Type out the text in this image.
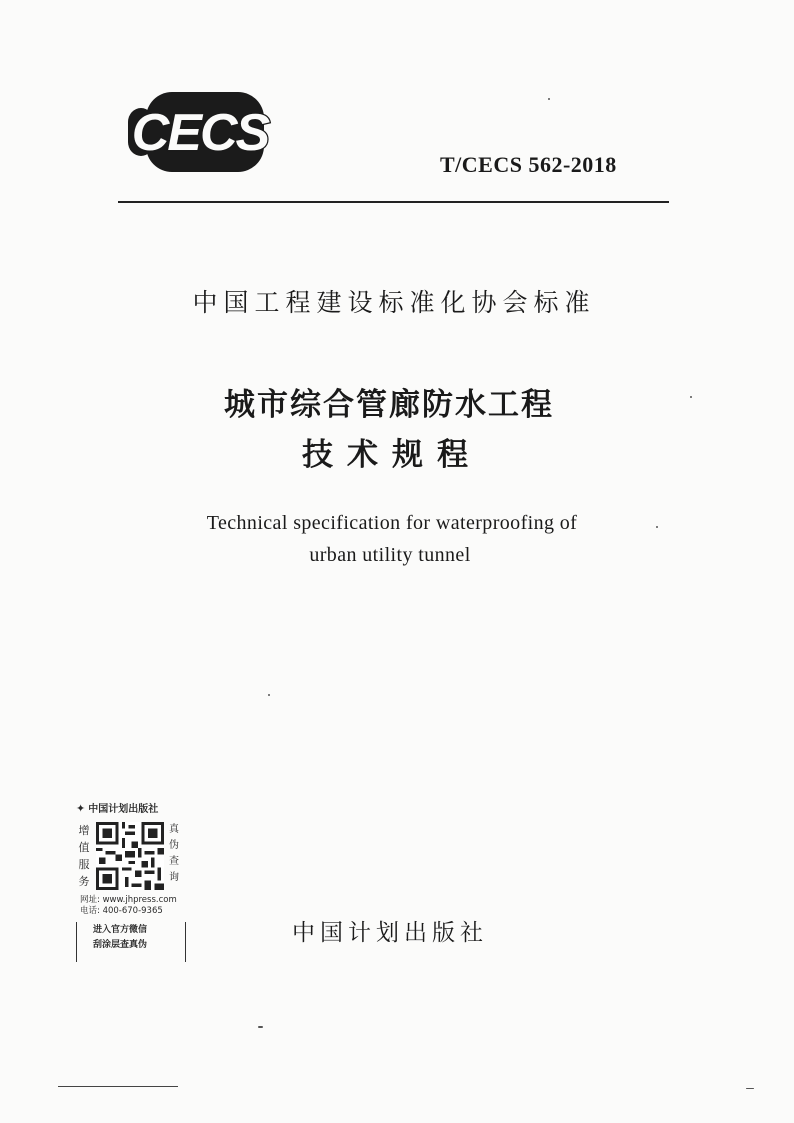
CECS
T/CECS 562-2018
中国工程建设标准化协会标准
城市综合管廊防水工程
技术规程
Technical specification for waterproofing of
urban utility tunnel
✦ 中国计划出版社
增
值
服
务
真
伪
查
询
网址: www.jhpress.com
电话: 400-670-9365
进入官方微信
刮涂层查真伪	中国计划出版社
